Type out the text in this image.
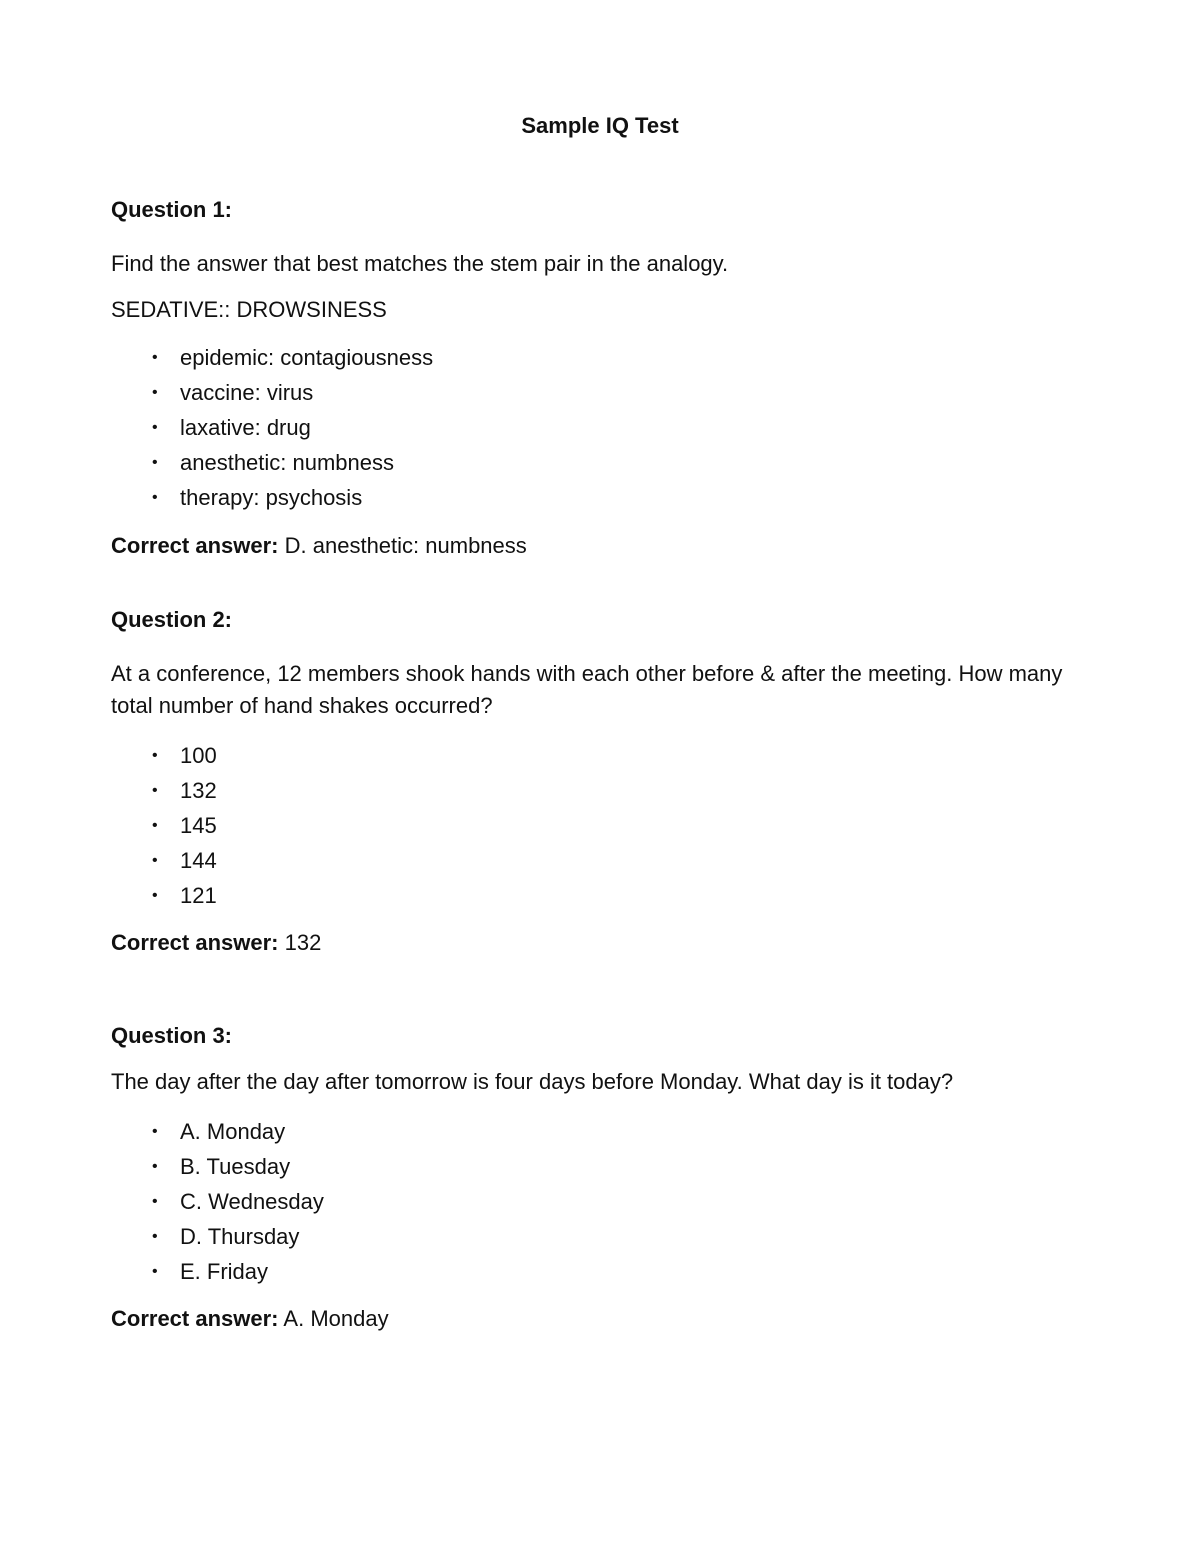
Sample IQ Test

Question 1:

Find the answer that best matches the stem pair in the analogy.

SEDATIVE:: DROWSINESS

• epidemic: contagiousness
• vaccine: virus
• laxative: drug
• anesthetic: numbness
• therapy: psychosis

Correct answer: D. anesthetic: numbness

Question 2:

At a conference, 12 members shook hands with each other before & after the meeting. How many total number of hand shakes occurred?

• 100
• 132
• 145
• 144
• 121

Correct answer: 132

Question 3:

The day after the day after tomorrow is four days before Monday. What day is it today?

• A. Monday
• B. Tuesday
• C. Wednesday
• D. Thursday
• E. Friday

Correct answer: A. Monday
